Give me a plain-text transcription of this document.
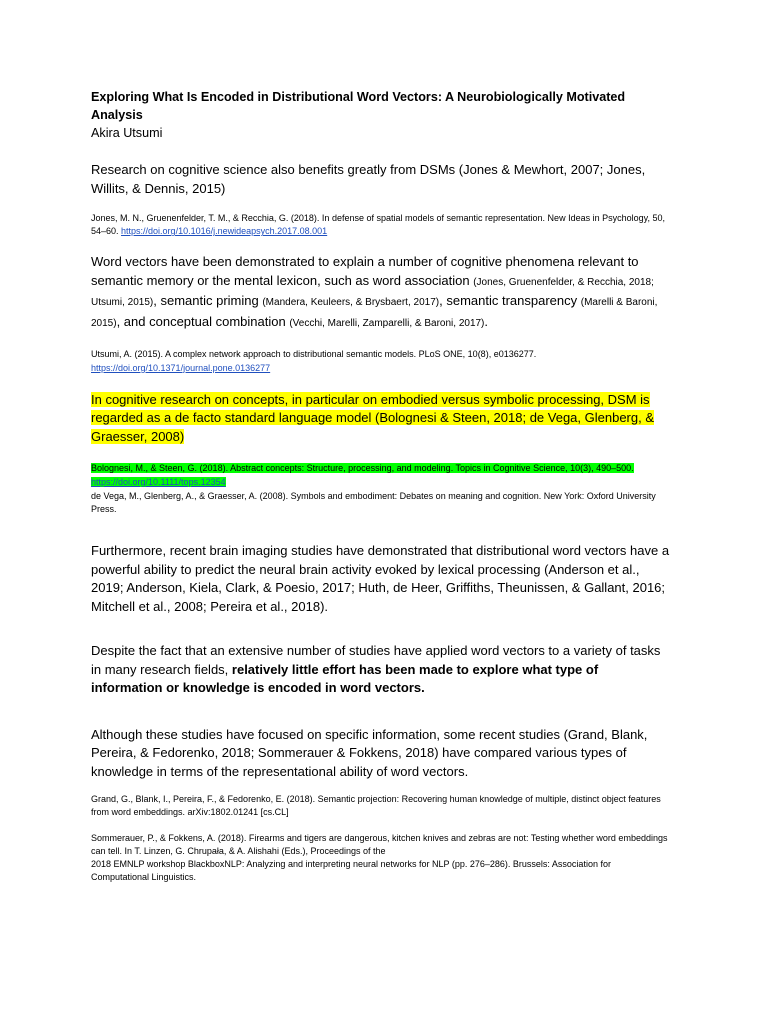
Exploring What Is Encoded in Distributional Word Vectors: A Neurobiologically Motivated Analysis

Akira Utsumi

Research on cognitive science also benefits greatly from DSMs (Jones & Mewhort, 2007; Jones, Willits, & Dennis, 2015)

Jones, M. N., Gruenenfelder, T. M., & Recchia, G. (2018). In defense of spatial models of semantic representation. New Ideas in Psychology, 50, 54–60. https://doi.org/10.1016/j.newideapsych.2017.08.001

Word vectors have been demonstrated to explain a number of cognitive phenomena relevant to semantic memory or the mental lexicon, such as word association (Jones, Gruenenfelder, & Recchia, 2018; Utsumi, 2015), semantic priming (Mandera, Keuleers, & Brysbaert, 2017), semantic transparency (Marelli & Baroni, 2015), and conceptual combination (Vecchi, Marelli, Zamparelli, & Baroni, 2017).

Utsumi, A. (2015). A complex network approach to distributional semantic models. PLoS ONE, 10(8), e0136277. https://doi.org/10.1371/journal.pone.0136277

In cognitive research on concepts, in particular on embodied versus symbolic processing, DSM is regarded as a de facto standard language model (Bolognesi & Steen, 2018; de Vega, Glenberg, & Graesser, 2008)

Bolognesi, M., & Steen, G. (2018). Abstract concepts: Structure, processing, and modeling. Topics in Cognitive Science, 10(3), 490–500. https://doi.org/10.1111/tops.12354

de Vega, M., Glenberg, A., & Graesser, A. (2008). Symbols and embodiment: Debates on meaning and cognition. New York: Oxford University Press.

Furthermore, recent brain imaging studies have demonstrated that distributional word vectors have a powerful ability to predict the neural brain activity evoked by lexical processing (Anderson et al., 2019; Anderson, Kiela, Clark, & Poesio, 2017; Huth, de Heer, Griffiths, Theunissen, & Gallant, 2016; Mitchell et al., 2008; Pereira et al., 2018).

Despite the fact that an extensive number of studies have applied word vectors to a variety of tasks in many research fields, relatively little effort has been made to explore what type of information or knowledge is encoded in word vectors.

Although these studies have focused on specific information, some recent studies (Grand, Blank, Pereira, & Fedorenko, 2018; Sommerauer & Fokkens, 2018) have compared various types of knowledge in terms of the representational ability of word vectors.

Grand, G., Blank, I., Pereira, F., & Fedorenko, E. (2018). Semantic projection: Recovering human knowledge of multiple, distinct object features from word embeddings. arXiv:1802.01241 [cs.CL]

Sommerauer, P., & Fokkens, A. (2018). Firearms and tigers are dangerous, kitchen knives and zebras are not: Testing whether word embeddings can tell. In T. Linzen, G. Chrupała, & A. Alishahi (Eds.), Proceedings of the
2018 EMNLP workshop BlackboxNLP: Analyzing and interpreting neural networks for NLP (pp. 276–286). Brussels: Association for Computational Linguistics.
